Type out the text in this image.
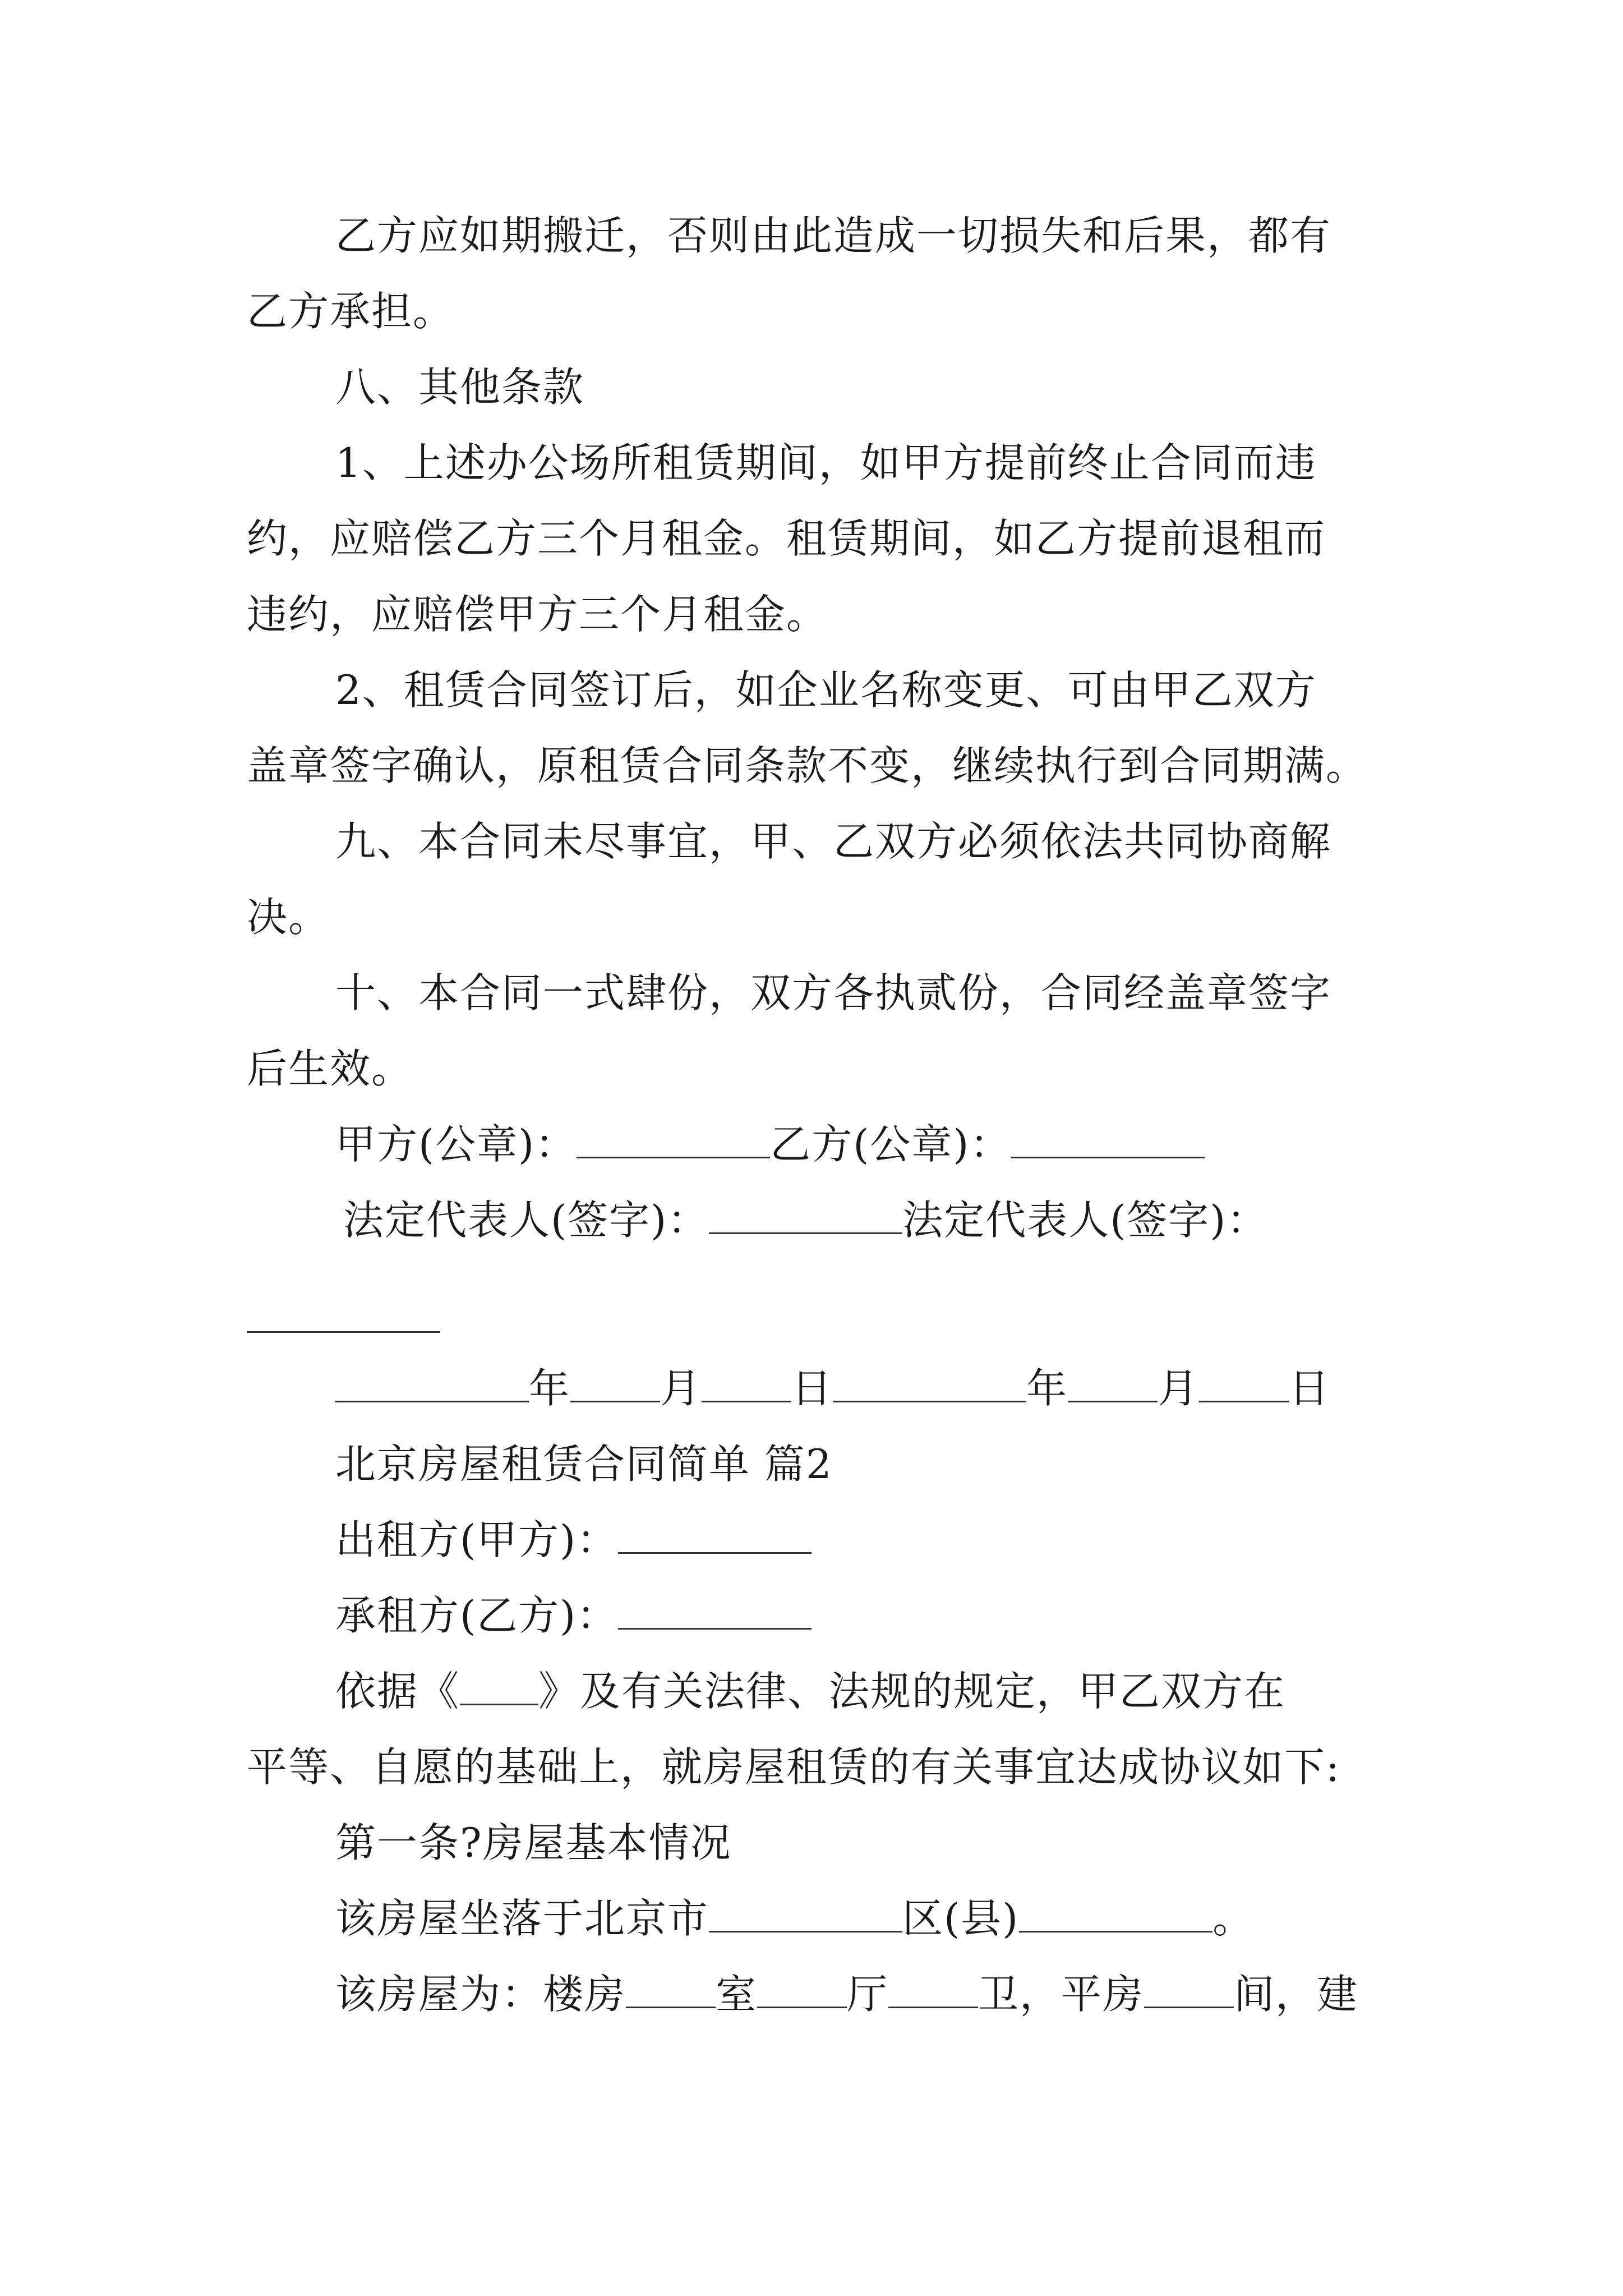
乙方应如期搬迁，否则由此造成一切损失和后果，都有
乙方承担。
八、其他条款
1、上述办公场所租赁期间，如甲方提前终止合同而违
约，应赔偿乙方三个月租金。租赁期间，如乙方提前退租而
违约，应赔偿甲方三个月租金。
2、租赁合同签订后，如企业名称变更、可由甲乙双方
盖章签字确认，原租赁合同条款不变，继续执行到合同期满。
九、本合同未尽事宜，甲、乙双方必须依法共同协商解
决。
十、本合同一式肆份，双方各执贰份，合同经盖章签字
后生效。
甲方(公章)：	乙方(公章)：
法定代表人(签字)：	法定代表人(签字)：
年 月 日	年 月 日
北京房屋租赁合同简单 篇2
出租方(甲方)：
承租方(乙方)：
依据《 》及有关法律、法规的规定，甲乙双方在
平等、自愿的基础上，就房屋租赁的有关事宜达成协议如下:
第一条?房屋基本情况
该房屋坐落于北京市	区(县)	。
该房屋为：楼房 室 厅 卫，平房 间，建
